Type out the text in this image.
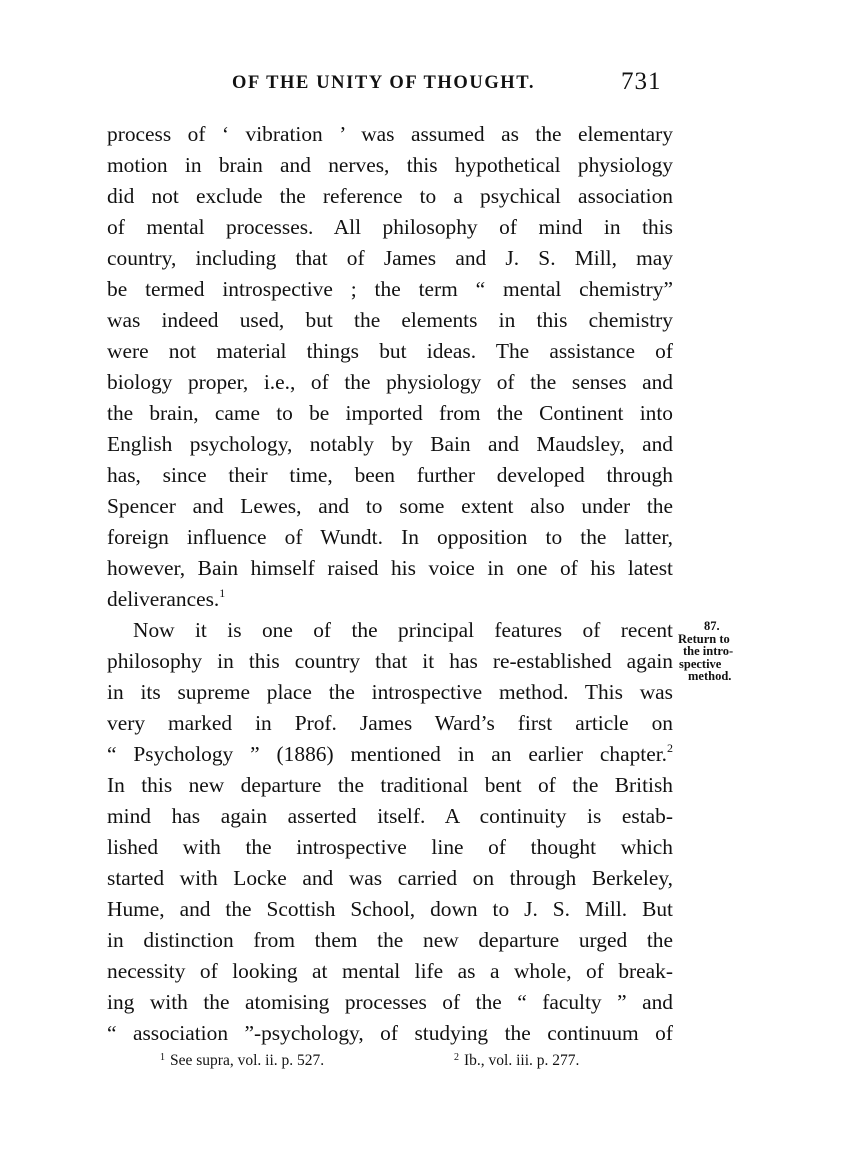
OF THE UNITY OF THOUGHT.	731
process of ‘ vibration ’ was assumed as the elementary
motion in brain and nerves, this hypothetical physiology
did not exclude the reference to a psychical association
of mental processes. All philosophy of mind in this
country, including that of James and J. S. Mill, may
be termed introspective ; the term “ mental chemistry”
was indeed used, but the elements in this chemistry
were not material things but ideas. The assistance of
biology proper, i.e., of the physiology of the senses and
the brain, came to be imported from the Continent into
English psychology, notably by Bain and Maudsley, and
has, since their time, been further developed through
Spencer and Lewes, and to some extent also under the
foreign influence of Wundt. In opposition to the latter,
however, Bain himself raised his voice in one of his latest
deliverances.$^1$
Now it is one of the principal features of recent
philosophy in this country that it has re-established again
in its supreme place the introspective method. This was
very marked in Prof. James Ward’s first article on
“ Psychology ” (1886) mentioned in an earlier chapter.$^2$
In this new departure the traditional bent of the British
mind has again asserted itself. A continuity is estab-
lished with the introspective line of thought which
started with Locke and was carried on through Berkeley,
Hume, and the Scottish School, down to J. S. Mill. But
in distinction from them the new departure urged the
necessity of looking at mental life as a whole, of break-
ing with the atomising processes of the “ faculty ” and
“ association ”-psychology, of studying the continuum of
87.
Return to
the intro-
spective
method.
$^1$ See supra, vol. ii. p. 527.	$^2$ Ib., vol. iii. p. 277.
